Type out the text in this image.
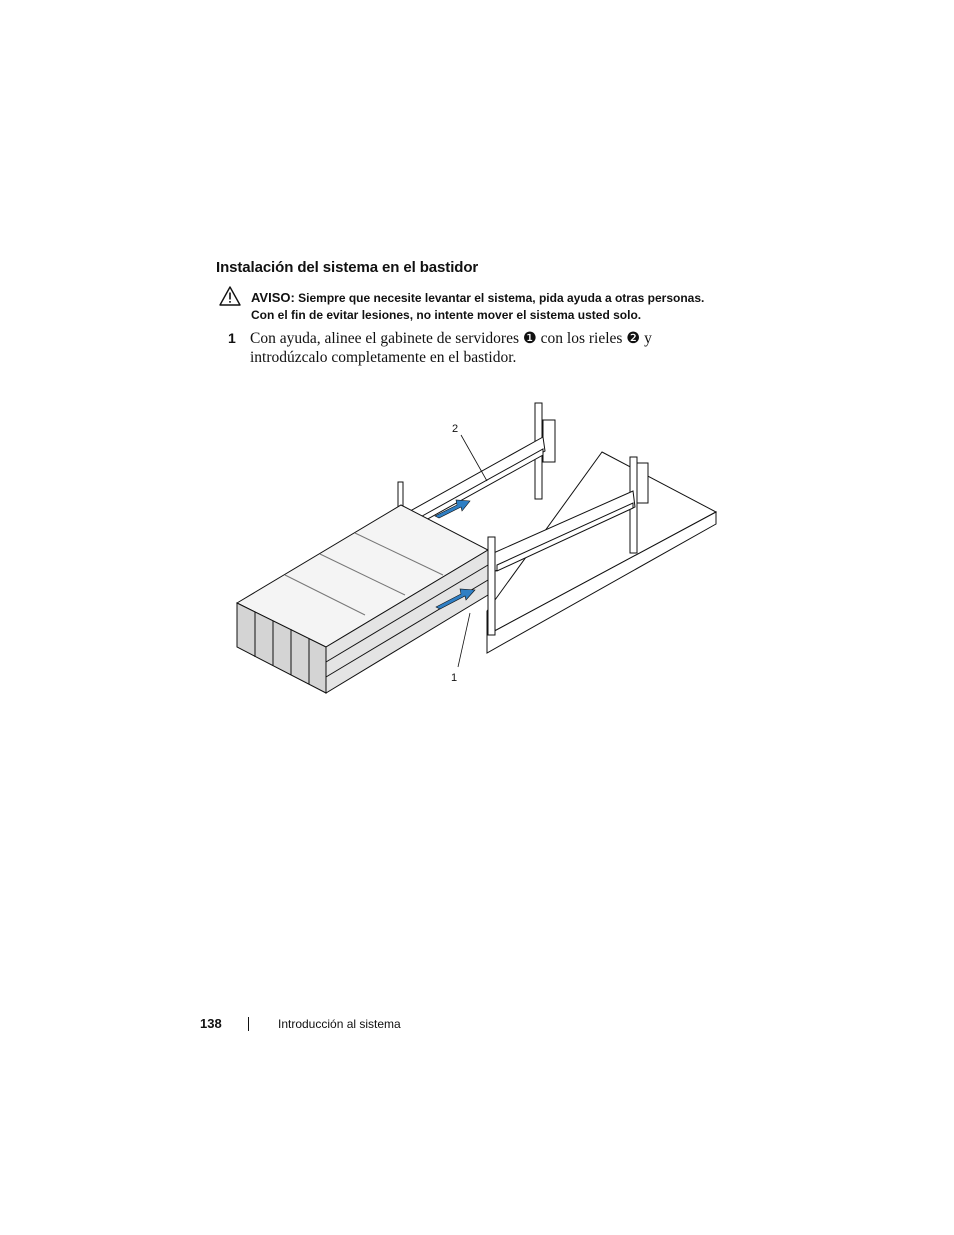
Instalación del sistema en el bastidor
AVISO: Siempre que necesite levantar el sistema, pida ayuda a otras personas. Con el fin de evitar lesiones, no intente mover el sistema usted solo.
1 Con ayuda, alinee el gabinete de servidores ❶ con los rieles ❷ y introdúzcalo completamente en el bastidor.
2
1
138	Introducción al sistema
